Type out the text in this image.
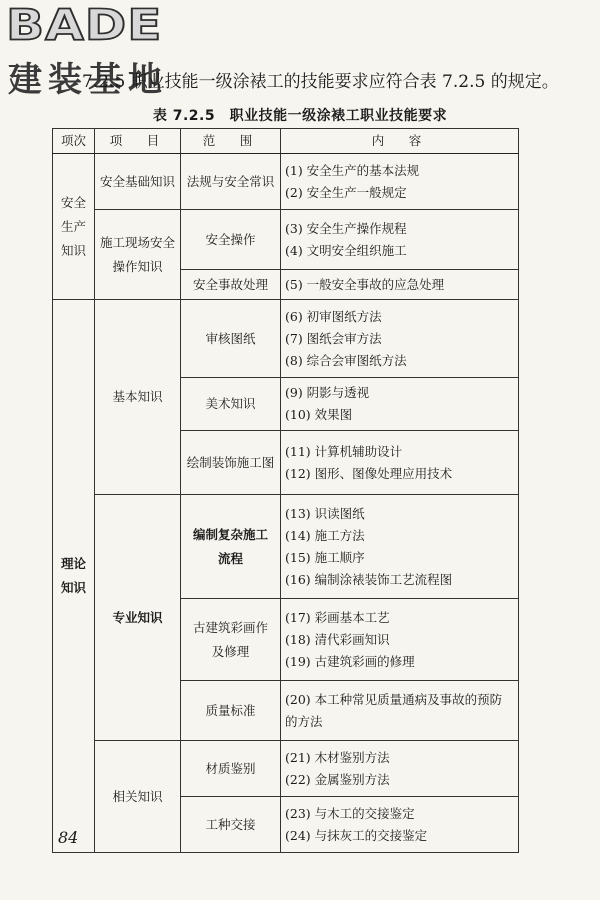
BADE
建装基地
7.2.5 职业技能一级涂裱工的技能要求应符合表 7.2.5 的规定。
表 7.2.5　职业技能一级涂裱工职业技能要求
项次	项　目	范　围	内　容
安全生产知识	安全基础知识	法规与安全常识	(1) 安全生产的基本法规
(2) 安全生产一般规定

	施工现场安全操作知识	安全操作	(3) 安全生产操作规程
(4) 文明安全组织施工

		安全事故处理	(5) 一般安全事故的应急处理

理论知识	基本知识	审核图纸	(6) 初审图纸方法
(7) 图纸会审方法
(8) 综合会审图纸方法

		美术知识	(9) 阴影与透视
(10) 效果图

		绘制装饰施工图	(11) 计算机辅助设计
(12) 图形、图像处理应用技术

	专业知识	编制复杂施工流程	(13) 识读图纸
(14) 施工方法
(15) 施工顺序
(16) 编制涂裱装饰工艺流程图

		古建筑彩画作及修理	(17) 彩画基本工艺
(18) 清代彩画知识
(19) 古建筑彩画的修理

		质量标准	(20) 本工种常见质量通病及事故的预防的方法

	相关知识	材质鉴别	(21) 木材鉴别方法
(22) 金属鉴别方法

		工种交接	(23) 与木工的交接鉴定
(24) 与抹灰工的交接鉴定
84
